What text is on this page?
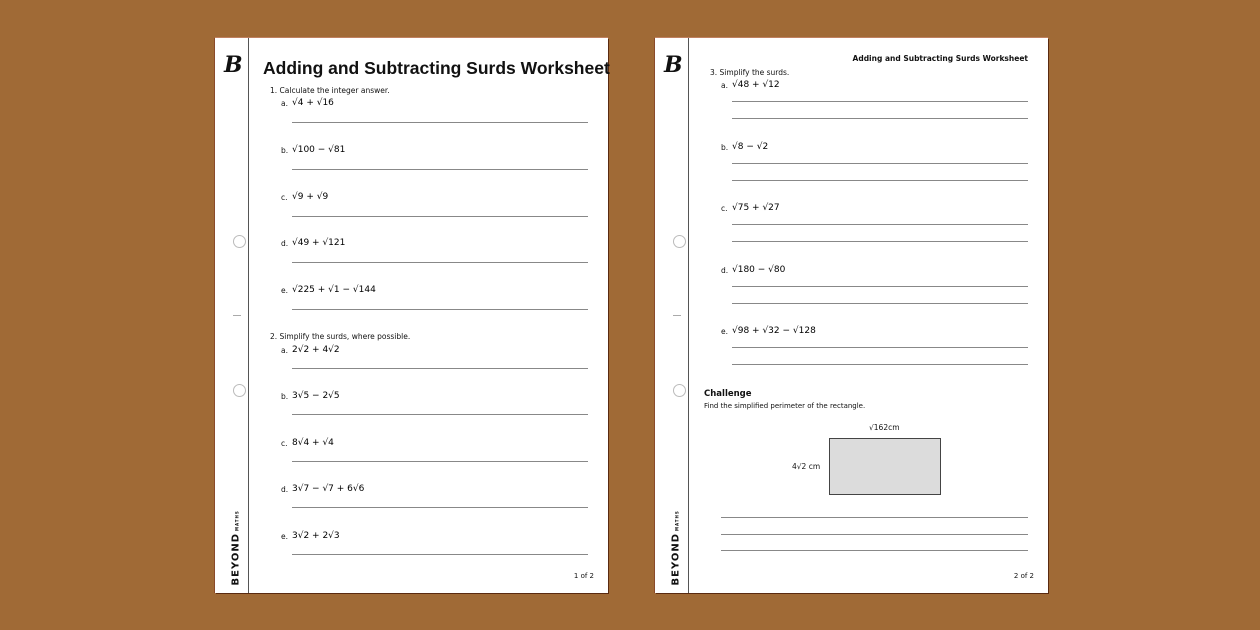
B
BEYONDMATHS
Adding and Subtracting Surds Worksheet
1. Calculate the integer answer.
a. √4 + √16
b. √100 − √81
c. √9 + √9
d. √49 + √121
e. √225 + √1 − √144
2. Simplify the surds, where possible.
a. 2√2 + 4√2
b. 3√5 − 2√5
c. 8√4 + √4
d. 3√7 − √7 + 6√6
e. 3√2 + 2√3
1 of 2
B
BEYONDMATHS
Adding and Subtracting Surds Worksheet
3. Simplify the surds.
a. √48 + √12
b. √8 − √2
c. √75 + √27
d. √180 − √80
e. √98 + √32 − √128
Challenge
Find the simplified perimeter of the rectangle.
√162cm
4√2 cm
2 of 2
